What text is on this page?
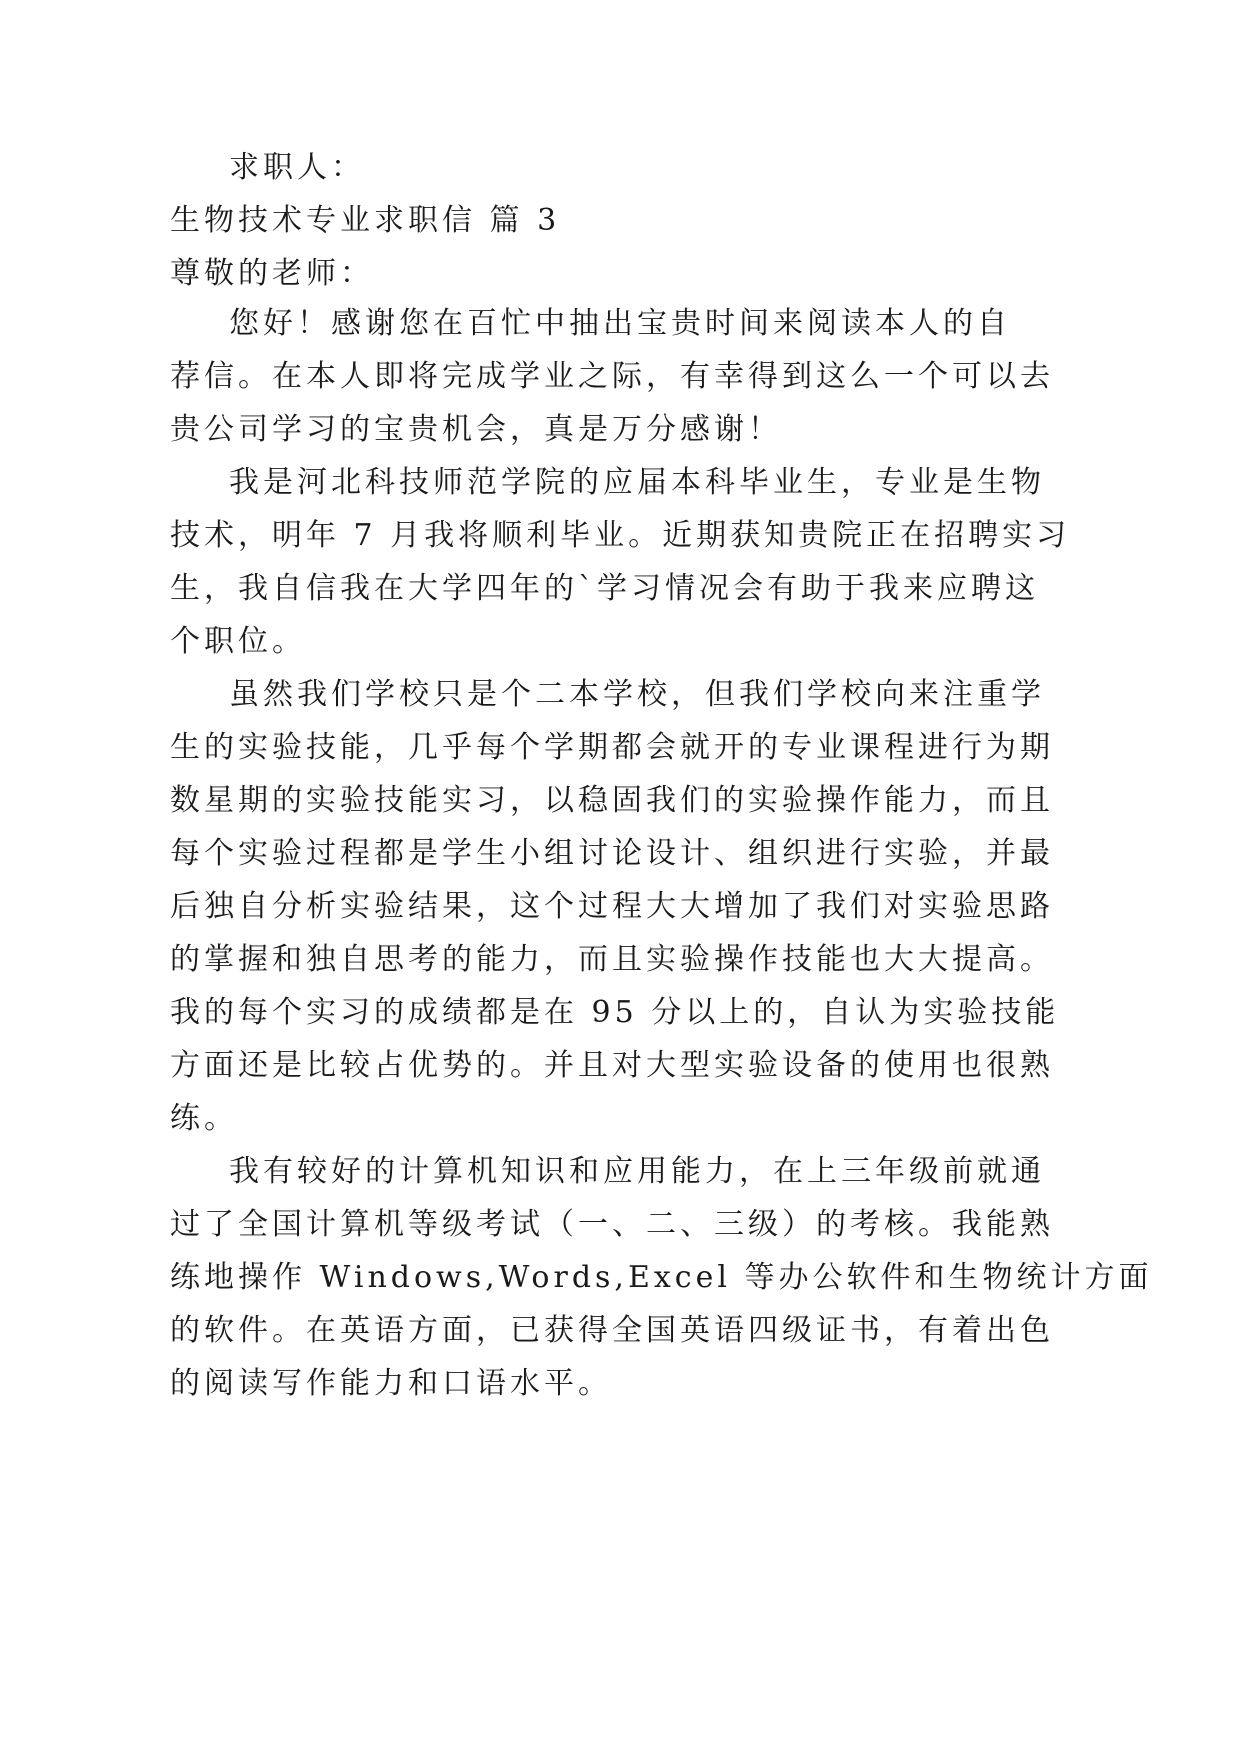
求职人：
生物技术专业求职信 篇 3
尊敬的老师：
您好！感谢您在百忙中抽出宝贵时间来阅读本人的自
荐信。在本人即将完成学业之际，有幸得到这么一个可以去
贵公司学习的宝贵机会，真是万分感谢！
我是河北科技师范学院的应届本科毕业生，专业是生物
技术，明年 7 月我将顺利毕业。近期获知贵院正在招聘实习
生，我自信我在大学四年的`学习情况会有助于我来应聘这
个职位。
虽然我们学校只是个二本学校，但我们学校向来注重学
生的实验技能，几乎每个学期都会就开的专业课程进行为期
数星期的实验技能实习，以稳固我们的实验操作能力，而且
每个实验过程都是学生小组讨论设计、组织进行实验，并最
后独自分析实验结果，这个过程大大增加了我们对实验思路
的掌握和独自思考的能力，而且实验操作技能也大大提高。
我的每个实习的成绩都是在 95 分以上的，自认为实验技能
方面还是比较占优势的。并且对大型实验设备的使用也很熟
练。
我有较好的计算机知识和应用能力，在上三年级前就通
过了全国计算机等级考试（一、二、三级）的考核。我能熟
练地操作 Windows,Words,Excel 等办公软件和生物统计方面
的软件。在英语方面，已获得全国英语四级证书，有着出色
的阅读写作能力和口语水平。
